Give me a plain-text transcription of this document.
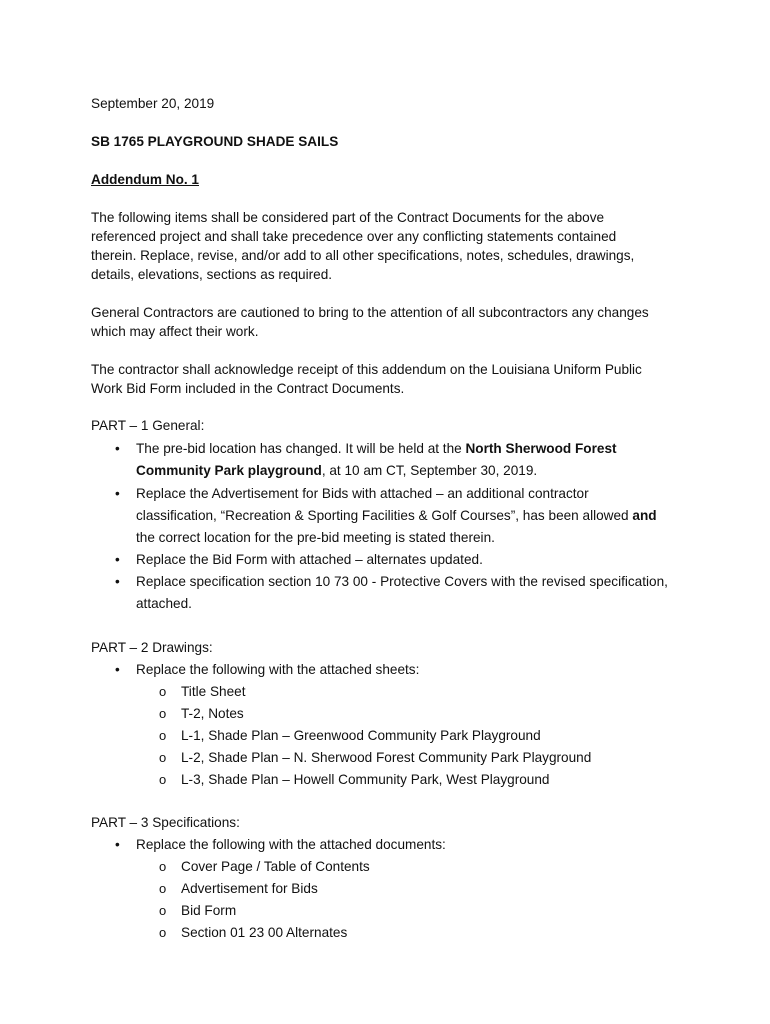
September 20, 2019
SB 1765 PLAYGROUND SHADE SAILS
Addendum No. 1
The following items shall be considered part of the Contract Documents for the above
referenced project and shall take precedence over any conflicting statements contained
therein. Replace, revise, and/or add to all other specifications, notes, schedules, drawings,
details, elevations, sections as required.
General Contractors are cautioned to bring to the attention of all subcontractors any changes
which may affect their work.
The contractor shall acknowledge receipt of this addendum on the Louisiana Uniform Public
Work Bid Form included in the Contract Documents.
PART – 1 General:
• The pre-bid location has changed. It will be held at the North Sherwood Forest
Community Park playground, at 10 am CT, September 30, 2019.
• Replace the Advertisement for Bids with attached – an additional contractor
classification, “Recreation & Sporting Facilities & Golf Courses”, has been allowed and
the correct location for the pre-bid meeting is stated therein.
• Replace the Bid Form with attached – alternates updated.
• Replace specification section 10 73 00 - Protective Covers with the revised specification,
attached.
PART – 2 Drawings:
• Replace the following with the attached sheets:
o Title Sheet
o T-2, Notes
o L-1, Shade Plan – Greenwood Community Park Playground
o L-2, Shade Plan – N. Sherwood Forest Community Park Playground
o L-3, Shade Plan – Howell Community Park, West Playground
PART – 3 Specifications:
• Replace the following with the attached documents:
o Cover Page / Table of Contents
o Advertisement for Bids
o Bid Form
o Section 01 23 00 Alternates
